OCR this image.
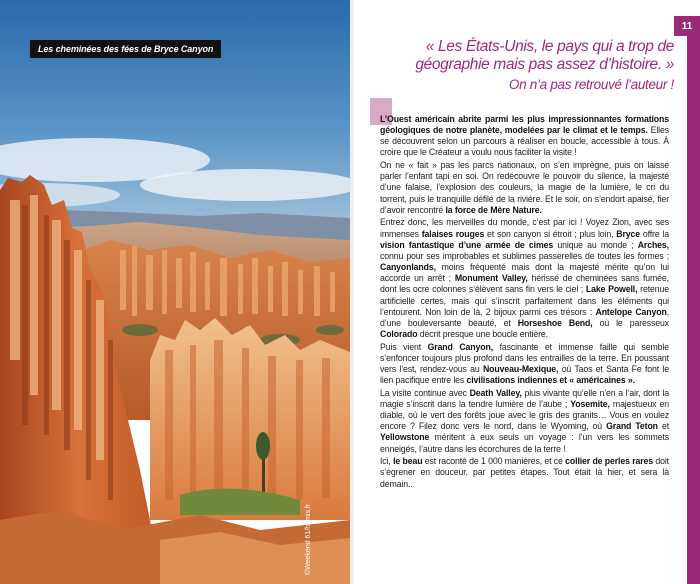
Les cheminées des fées de Bryce Canyon
©Weekend 61/hemis.fr
11
« Les États-Unis, le pays qui a trop de géographie mais pas assez d’histoire. »
On n’a pas retrouvé l’auteur !

L’Ouest américain abrite parmi les plus impressionnantes formations géologiques de notre planète, modelées par le climat et le temps. Elles se découvrent selon un parcours à réaliser en boucle, accessible à tous. À croire que le Créateur a voulu nous faciliter la visite !

On ne « fait » pas les parcs nationaux, on s’en imprègne, puis on laisse parler l’enfant tapi en soi. On redécouvre le pouvoir du silence, la majesté d’une falaise, l’explosion des couleurs, la magie de la lumière, le cri du torrent, puis le tranquille défilé de la rivière. Et le soir, on s’endort apaisé, fier d’avoir rencontré la force de Mère Nature.

Entrez donc, les merveilles du monde, c’est par ici ! Voyez Zion, avec ses immenses falaises rouges et son canyon si étroit ; plus loin, Bryce offre la vision fantastique d’une armée de cimes unique au monde ; Arches, connu pour ses improbables et sublimes passerelles de toutes les formes ; Canyonlands, moins fréquenté mais dont la majesté mérite qu’on lui accorde un arrêt ; Monument Valley, hérissé de cheminées sans fumée, dont les ocre colonnes s’élèvent sans fin vers le ciel ; Lake Powell, retenue artificielle certes, mais qui s’inscrit parfaitement dans les éléments qui l’entourent. Non loin de là, 2 bijoux parmi ces trésors : Antelope Canyon, d’une bouleversante beauté, et Horseshoe Bend, où le paresseux Colorado décrit presque une boucle entière.

Puis vient Grand Canyon, fascinante et immense faille qui semble s’enfoncer toujours plus profond dans les entrailles de la terre. En poussant vers l’est, rendez-vous au Nouveau-Mexique, où Taos et Santa Fe font le lien pacifique entre les civilisations indiennes et « américaines ».

La visite continue avec Death Valley, plus vivante qu’elle n’en a l’air, dont la magie s’inscrit dans la tendre lumière de l’aube ; Yosemite, majestueux en diable, où le vert des forêts joue avec le gris des granits… Vous en voulez encore ? Filez donc vers le nord, dans le Wyoming, où Grand Teton et Yellowstone méritent à eux seuls un voyage : l’un vers les sommets enneigés, l’autre dans les écorchures de la terre !

Ici, le beau est raconté de 1 000 manières, et ce collier de perles rares doit s’égrener en douceur, par petites étapes. Tout était là hier, et sera là demain..
